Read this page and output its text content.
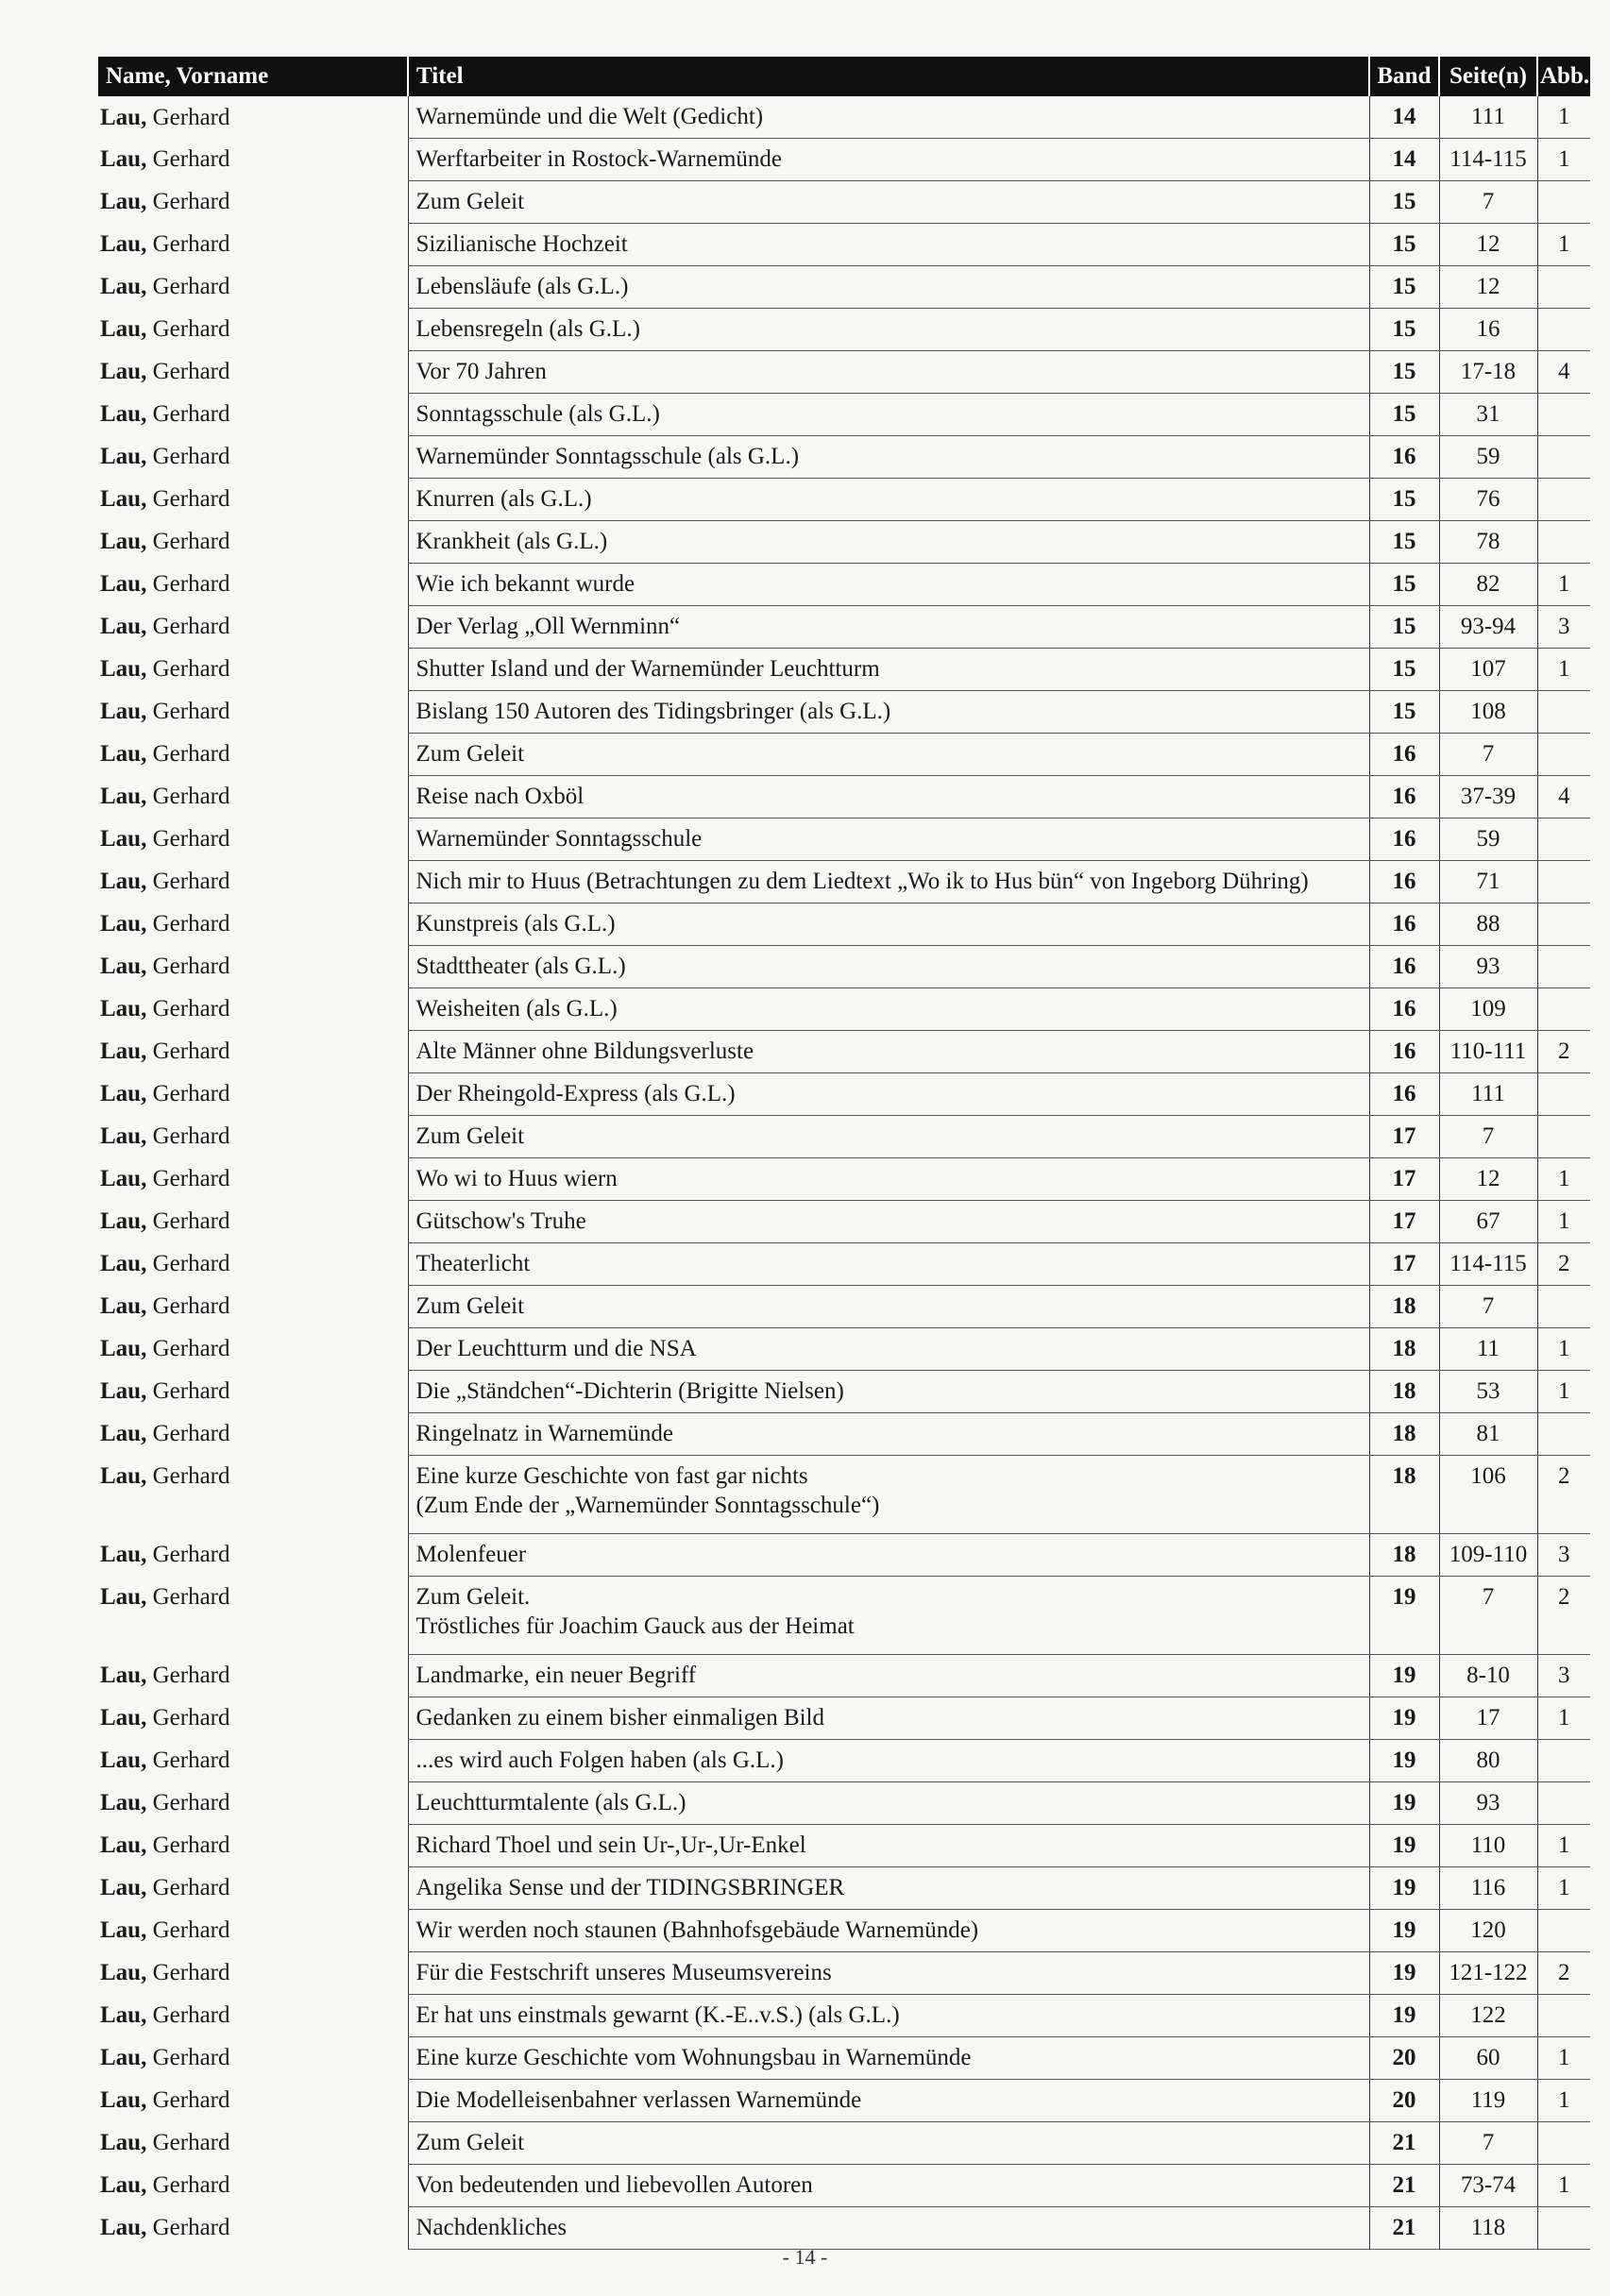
Name, Vorname	Titel	Band	Seite(n)	Abb.
Lau, Gerhard	Warnemünde und die Welt (Gedicht)	14	111	1
Lau, Gerhard	Werftarbeiter in Rostock-Warnemünde	14	114-115	1
Lau, Gerhard	Zum Geleit	15	7	
Lau, Gerhard	Sizilianische Hochzeit	15	12	1
Lau, Gerhard	Lebensläufe (als G.L.)	15	12	
Lau, Gerhard	Lebensregeln (als G.L.)	15	16	
Lau, Gerhard	Vor 70 Jahren	15	17-18	4
Lau, Gerhard	Sonntagsschule (als G.L.)	15	31	
Lau, Gerhard	Warnemünder Sonntagsschule (als G.L.)	16	59	
Lau, Gerhard	Knurren (als G.L.)	15	76	
Lau, Gerhard	Krankheit (als G.L.)	15	78	
Lau, Gerhard	Wie ich bekannt wurde	15	82	1
Lau, Gerhard	Der Verlag „Oll Wernminn“	15	93-94	3
Lau, Gerhard	Shutter Island und der Warnemünder Leuchtturm	15	107	1
Lau, Gerhard	Bislang 150 Autoren des Tidingsbringer (als G.L.)	15	108	
Lau, Gerhard	Zum Geleit	16	7	
Lau, Gerhard	Reise nach Oxböl	16	37-39	4
Lau, Gerhard	Warnemünder Sonntagsschule	16	59	
Lau, Gerhard	Nich mir to Huus (Betrachtungen zu dem Liedtext „Wo ik to Hus bün“ von Ingeborg Dühring)	16	71	
Lau, Gerhard	Kunstpreis (als G.L.)	16	88	
Lau, Gerhard	Stadttheater (als G.L.)	16	93	
Lau, Gerhard	Weisheiten (als G.L.)	16	109	
Lau, Gerhard	Alte Männer ohne Bildungsverluste	16	110-111	2
Lau, Gerhard	Der Rheingold-Express (als G.L.)	16	111	
Lau, Gerhard	Zum Geleit	17	7	
Lau, Gerhard	Wo wi to Huus wiern	17	12	1
Lau, Gerhard	Gütschow's Truhe	17	67	1
Lau, Gerhard	Theaterlicht	17	114-115	2
Lau, Gerhard	Zum Geleit	18	7	
Lau, Gerhard	Der Leuchtturm und die NSA	18	11	1
Lau, Gerhard	Die „Ständchen“-Dichterin (Brigitte Nielsen)	18	53	1
Lau, Gerhard	Ringelnatz in Warnemünde	18	81	
Lau, Gerhard	Eine kurze Geschichte von fast gar nichts
(Zum Ende der „Warnemünder Sonntagsschule“)	18	106	2
Lau, Gerhard	Molenfeuer	18	109-110	3
Lau, Gerhard	Zum Geleit.
Tröstliches für Joachim Gauck aus der Heimat	19	7	2
Lau, Gerhard	Landmarke, ein neuer Begriff	19	8-10	3
Lau, Gerhard	Gedanken zu einem bisher einmaligen Bild	19	17	1
Lau, Gerhard	...es wird auch Folgen haben (als G.L.)	19	80	
Lau, Gerhard	Leuchtturmtalente (als G.L.)	19	93	
Lau, Gerhard	Richard Thoel und sein Ur-,Ur-,Ur-Enkel	19	110	1
Lau, Gerhard	Angelika Sense und der TIDINGSBRINGER	19	116	1
Lau, Gerhard	Wir werden noch staunen (Bahnhofsgebäude Warnemünde)	19	120	
Lau, Gerhard	Für die Festschrift unseres Museumsvereins	19	121-122	2
Lau, Gerhard	Er hat uns einstmals gewarnt (K.-E..v.S.) (als G.L.)	19	122	
Lau, Gerhard	Eine kurze Geschichte vom Wohnungsbau in Warnemünde	20	60	1
Lau, Gerhard	Die Modelleisenbahner verlassen Warnemünde	20	119	1
Lau, Gerhard	Zum Geleit	21	7	
Lau, Gerhard	Von bedeutenden und liebevollen Autoren	21	73-74	1
Lau, Gerhard	Nachdenkliches	21	118	
- 14 -
